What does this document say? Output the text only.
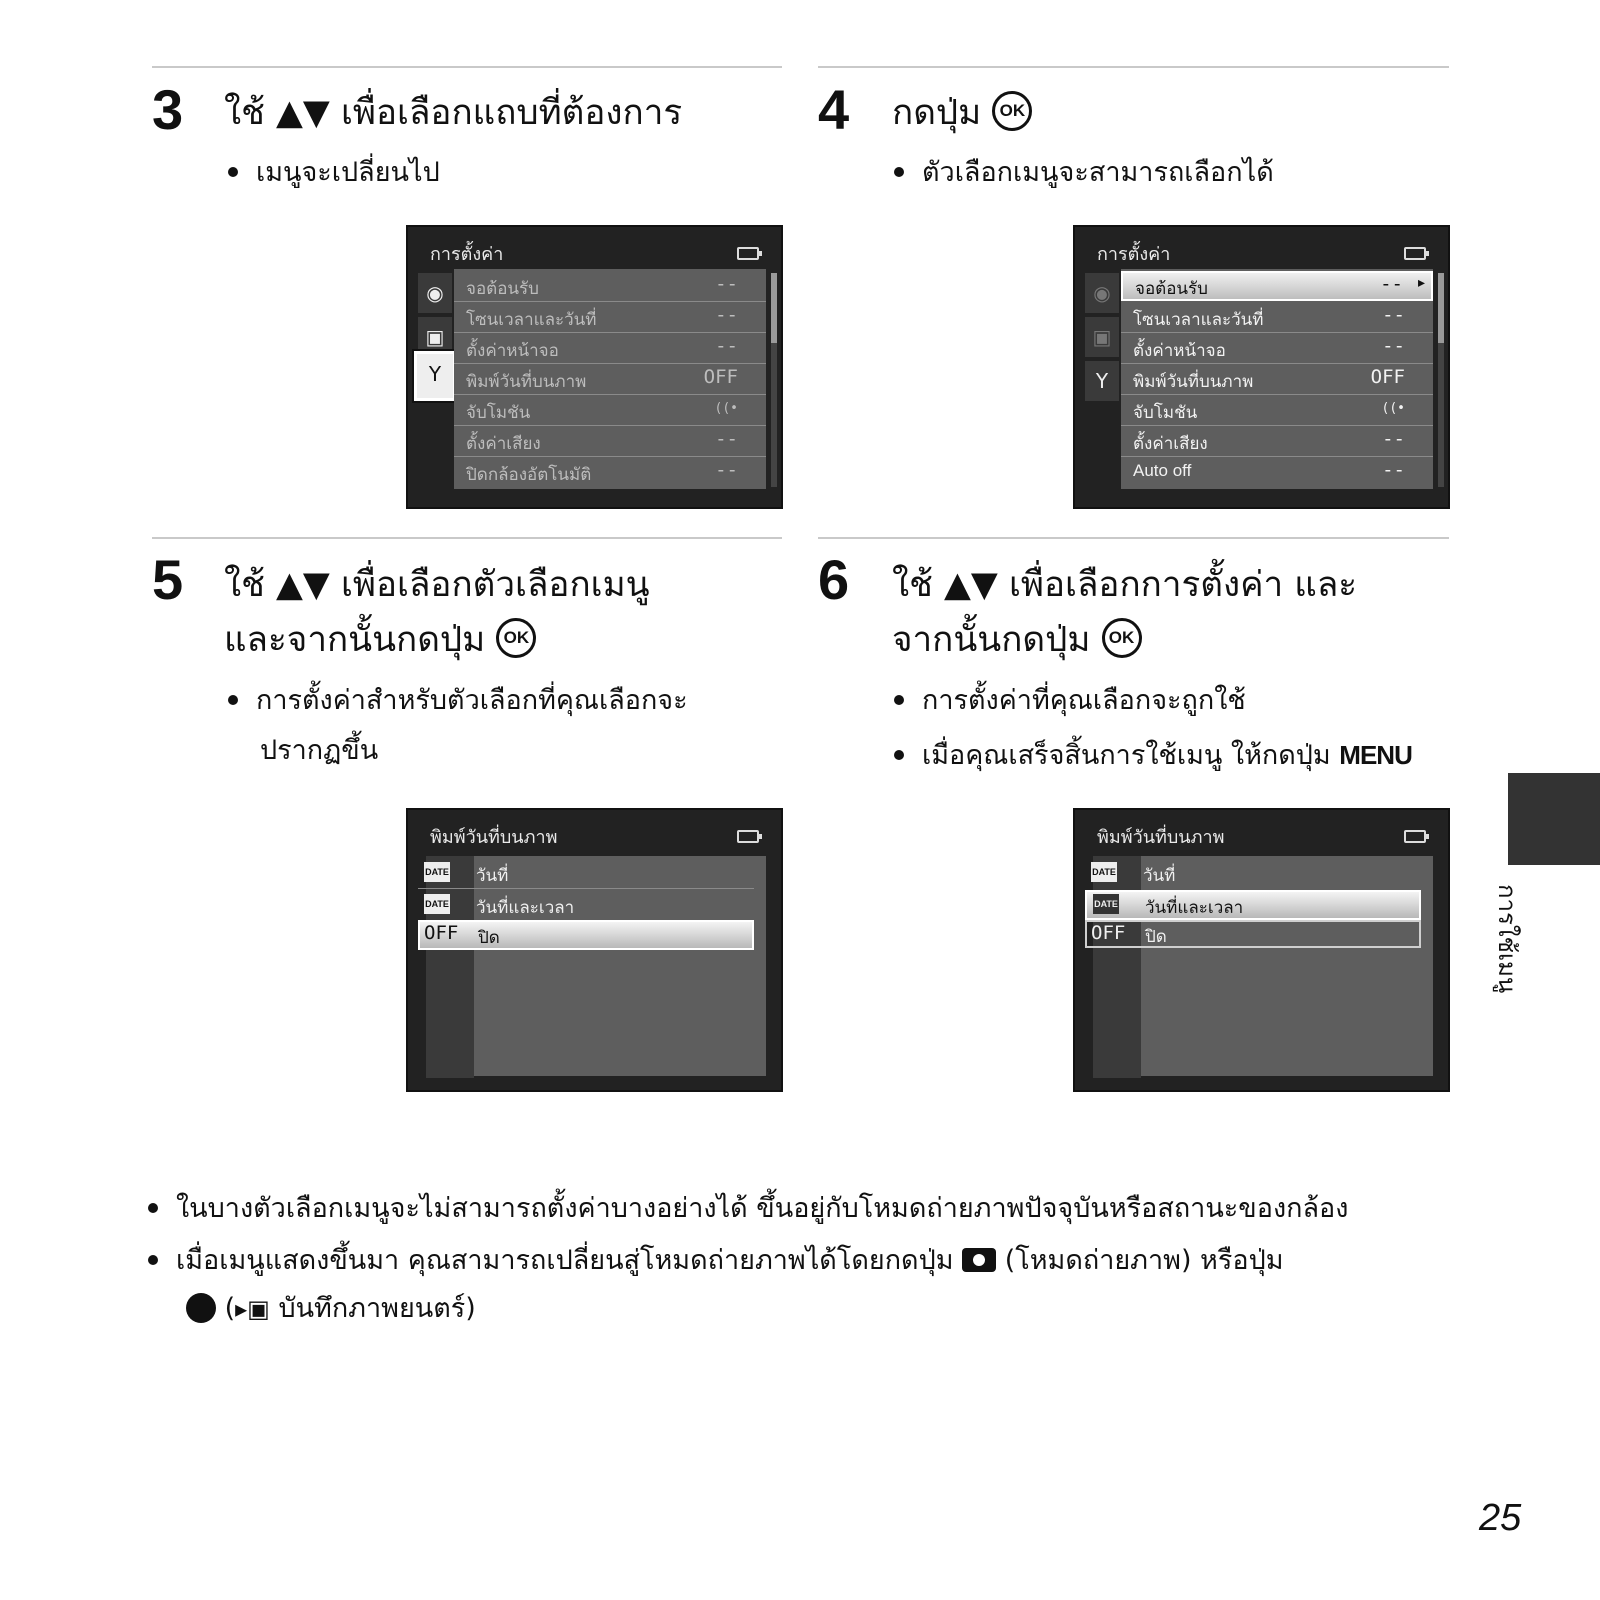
3 ใช้ ▲▼ เพื่อเลือกแถบที่ต้องการ
เมนูจะเปลี่ยนไป
4 กดปุ่ม OK
ตัวเลือกเมนูจะสามารถเลือกได้
การตั้งค่า
◉
▣
Y
จอต้อนรับ	--
โซนเวลาและวันที่	--
ตั้งค่าหน้าจอ	--
พิมพ์วันที่บนภาพ	OFF
จับโมชัน	((•
ตั้งค่าเสียง	--
ปิดกล้องอัตโนมัติ	--
การตั้งค่า
◉
▣
Y
จอต้อนรับ	-- ▸
โซนเวลาและวันที่	--
ตั้งค่าหน้าจอ	--
พิมพ์วันที่บนภาพ	OFF
จับโมชัน	((•
ตั้งค่าเสียง	--
Auto off	--
5 ใช้ ▲▼ เพื่อเลือกตัวเลือกเมนู
และจากนั้นกดปุ่ม OK
การตั้งค่าสำหรับตัวเลือกที่คุณเลือกจะ
ปรากฏขึ้น
6 ใช้ ▲▼ เพื่อเลือกการตั้งค่า และ
จากนั้นกดปุ่ม OK
การตั้งค่าที่คุณเลือกจะถูกใช้
เมื่อคุณเสร็จสิ้นการใช้เมนู ให้กดปุ่ม MENU
พิมพ์วันที่บนภาพ
DATE วันที่
DATE วันที่และเวลา
OFF ปิด
พิมพ์วันที่บนภาพ
DATE วันที่
DATE วันที่และเวลา
OFF ปิด
ในบางตัวเลือกเมนูจะไม่สามารถตั้งค่าบางอย่างได้ ขึ้นอยู่กับโหมดถ่ายภาพปัจจุบันหรือสถานะของกล้อง
เมื่อเมนูแสดงขึ้นมา คุณสามารถเปลี่ยนสู่โหมดถ่ายภาพได้โดยกดปุ่ม
(โหมดถ่ายภาพ) หรือปุ่ม
(▸▣ บันทึกภาพยนตร์)
การใช้เมนู
25
